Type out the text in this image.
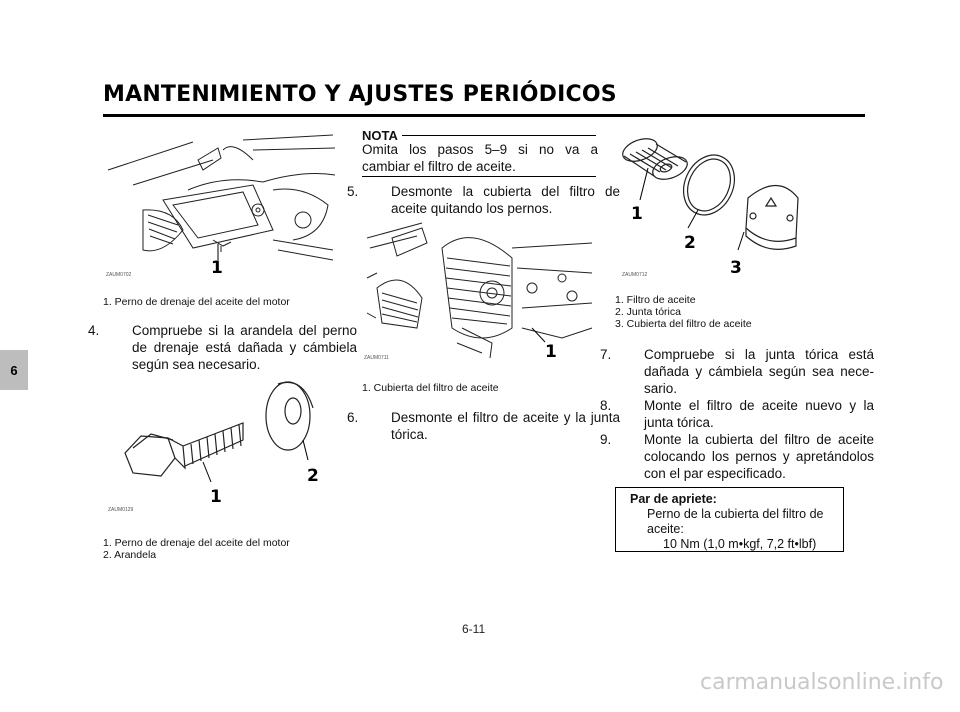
MANTENIMIENTO Y AJUSTES PERIÓDICOS
6
ZAUM0702	1
1. Perno de drenaje del aceite del motor
4. Compruebe si la arandela del perno de drenaje está dañada y cámbiela según sea necesario.
ZAUM0129
1
2
1. Perno de drenaje del aceite del motor
2. Arandela
NOTA
Omita los pasos 5–9 si no va a cambiar el filtro de aceite.
5. Desmonte la cubierta del filtro de aceite quitando los pernos.
ZAUM0711	1
1. Cubierta del filtro de aceite
6. Desmonte el filtro de aceite y la junta tórica.
ZAUM0712
1
2
3
1. Filtro de aceite
2. Junta tórica
3. Cubierta del filtro de aceite
7. Compruebe si la junta tórica está dañada y cámbiela según sea nece-sario.
8. Monte el filtro de aceite nuevo y la junta tórica.
9. Monte la cubierta del filtro de aceite colocando los pernos y apretándolos con el par especificado.
Par de apriete:
Perno de la cubierta del filtro de aceite:
10 Nm (1,0 m•kgf, 7,2 ft•lbf)
6-11
carmanualsonline.info
